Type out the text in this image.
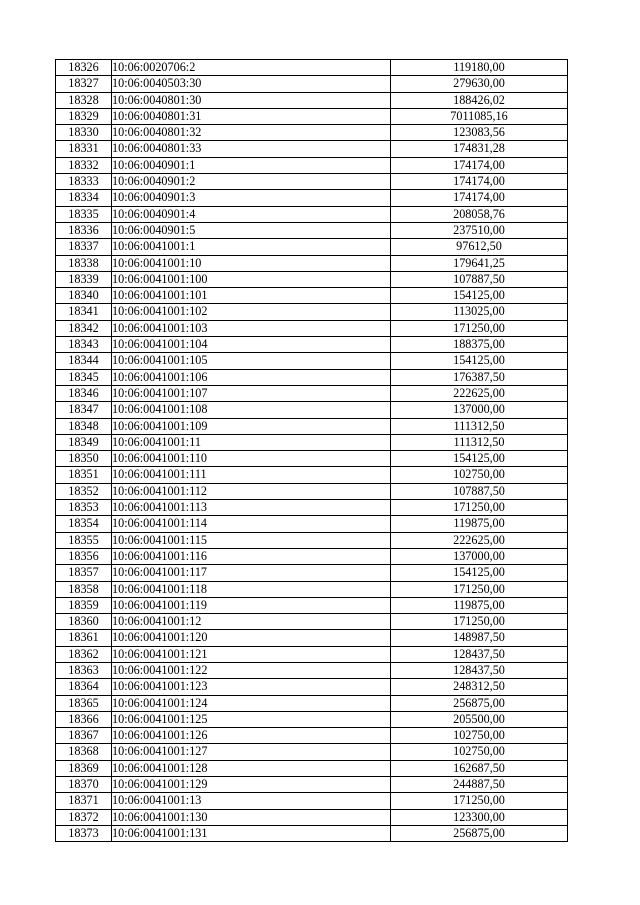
18326	10:06:0020706:2	119180,00
18327	10:06:0040503:30	279630,00
18328	10:06:0040801:30	188426,02
18329	10:06:0040801:31	7011085,16
18330	10:06:0040801:32	123083,56
18331	10:06:0040801:33	174831,28
18332	10:06:0040901:1	174174,00
18333	10:06:0040901:2	174174,00
18334	10:06:0040901:3	174174,00
18335	10:06:0040901:4	208058,76
18336	10:06:0040901:5	237510,00
18337	10:06:0041001:1	97612,50
18338	10:06:0041001:10	179641,25
18339	10:06:0041001:100	107887,50
18340	10:06:0041001:101	154125,00
18341	10:06:0041001:102	113025,00
18342	10:06:0041001:103	171250,00
18343	10:06:0041001:104	188375,00
18344	10:06:0041001:105	154125,00
18345	10:06:0041001:106	176387,50
18346	10:06:0041001:107	222625,00
18347	10:06:0041001:108	137000,00
18348	10:06:0041001:109	111312,50
18349	10:06:0041001:11	111312,50
18350	10:06:0041001:110	154125,00
18351	10:06:0041001:111	102750,00
18352	10:06:0041001:112	107887,50
18353	10:06:0041001:113	171250,00
18354	10:06:0041001:114	119875,00
18355	10:06:0041001:115	222625,00
18356	10:06:0041001:116	137000,00
18357	10:06:0041001:117	154125,00
18358	10:06:0041001:118	171250,00
18359	10:06:0041001:119	119875,00
18360	10:06:0041001:12	171250,00
18361	10:06:0041001:120	148987,50
18362	10:06:0041001:121	128437,50
18363	10:06:0041001:122	128437,50
18364	10:06:0041001:123	248312,50
18365	10:06:0041001:124	256875,00
18366	10:06:0041001:125	205500,00
18367	10:06:0041001:126	102750,00
18368	10:06:0041001:127	102750,00
18369	10:06:0041001:128	162687,50
18370	10:06:0041001:129	244887,50
18371	10:06:0041001:13	171250,00
18372	10:06:0041001:130	123300,00
18373	10:06:0041001:131	256875,00
